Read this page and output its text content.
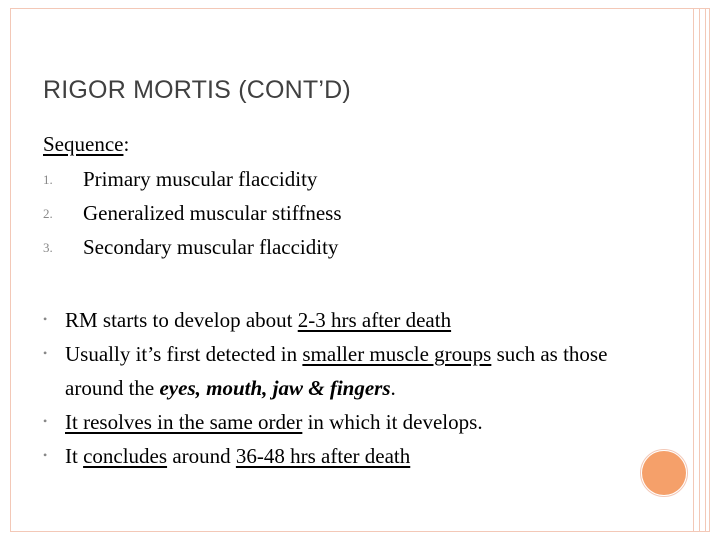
RIGOR MORTIS (CONT’D)
Sequence:
1. Primary muscular flaccidity
2. Generalized muscular stiffness
3. Secondary muscular flaccidity
• RM starts to develop about 2-3 hrs after death
• Usually it’s first detected in smaller muscle groups such as those around the eyes, mouth, jaw & fingers.
• It resolves in the same order in which it develops.
• It concludes around 36-48 hrs after death
